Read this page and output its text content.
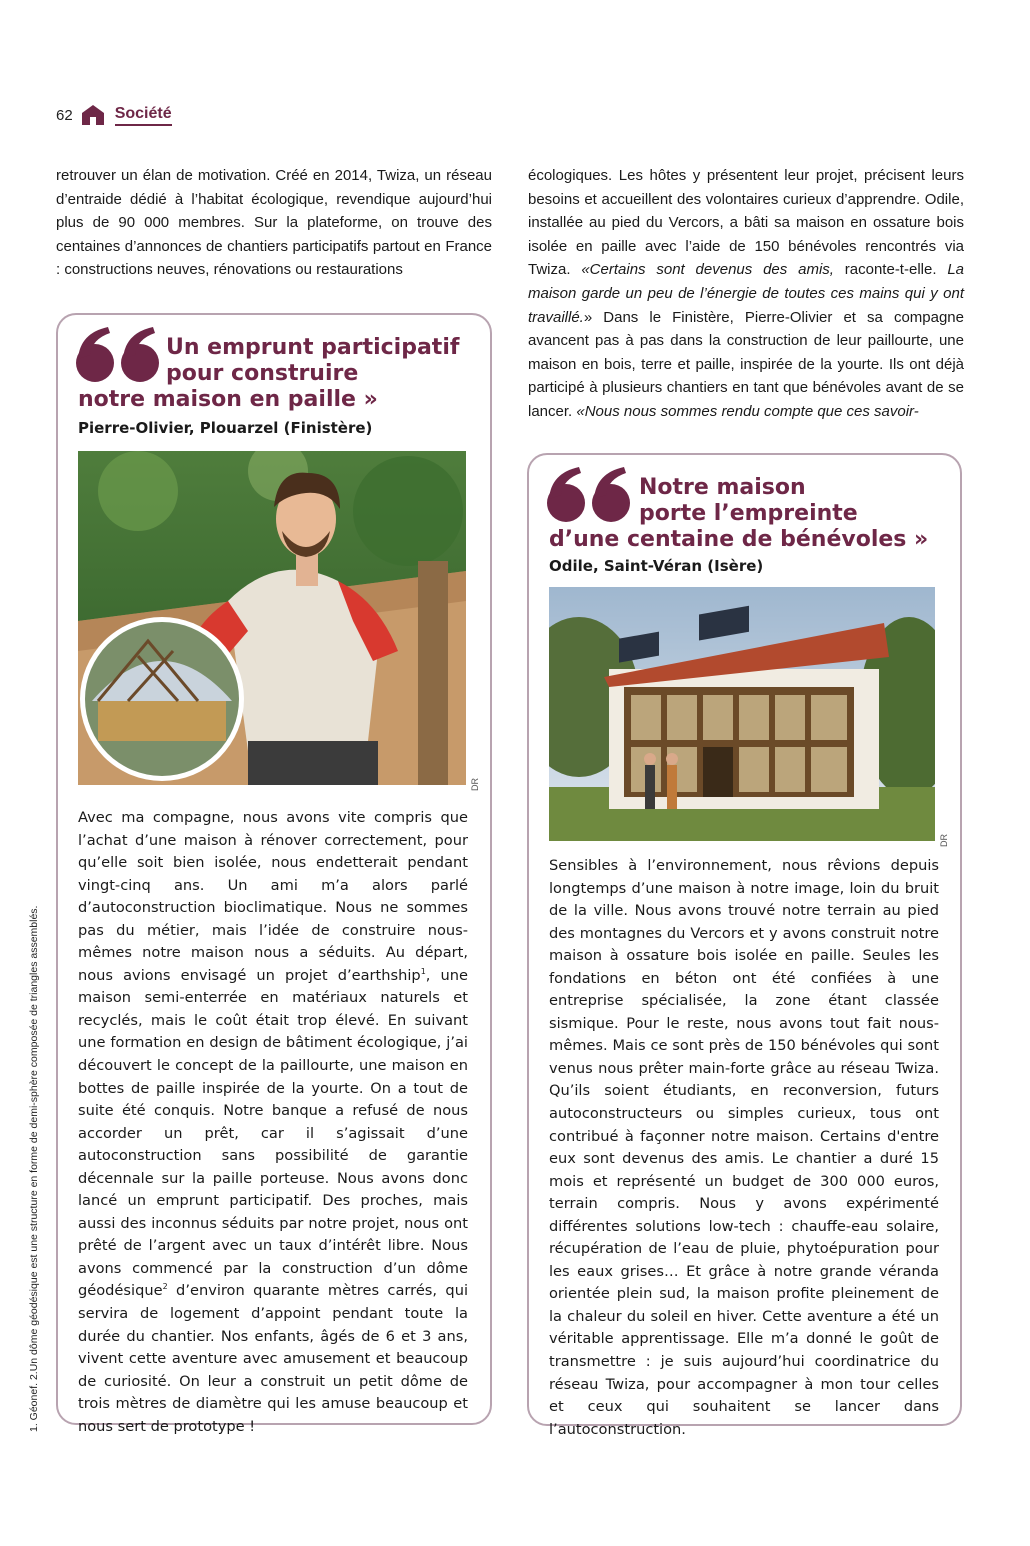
62	Société

retrouver un élan de motivation. Créé en 2014, Twiza, un réseau d’entraide dédié à l’habitat écologique, revendique aujourd’hui plus de 90 000 membres. Sur la plateforme, on trouve des centaines d’annonces de chantiers participatifs partout en France : constructions neuves, rénovations ou restaurations

écologiques. Les hôtes y présentent leur projet, précisent leurs besoins et accueillent des volontaires curieux d’apprendre. Odile, installée au pied du Vercors, a bâti sa maison en ossature bois isolée en paille avec l’aide de 150 bénévoles rencontrés via Twiza. «Certains sont devenus des amis, raconte-t-elle. La maison garde un peu de l’énergie de toutes ces mains qui y ont travaillé.» Dans le Finistère, Pierre-Olivier et sa compagne avancent pas à pas dans la construction de leur paillourte, une maison en bois, terre et paille, inspirée de la yourte. Ils ont déjà participé à plusieurs chantiers en tant que bénévoles avant de se lancer. «Nous nous sommes rendu compte que ces savoir-

Un emprunt participatif

pour construire

notre maison en paille »

Pierre-Olivier, Plouarzel (Finistère)

DR

Avec ma compagne, nous avons vite compris que l’achat d’une maison à rénover correctement, pour qu’elle soit bien isolée, nous endetterait pendant vingt-cinq ans. Un ami m’a alors parlé d’autoconstruction bioclimatique. Nous ne sommes pas du métier, mais l’idée de construire nous-mêmes notre maison nous a séduits. Au départ, nous avions envisagé un projet d’earthship$^1$, une maison semi-enterrée en matériaux naturels et recyclés, mais le coût était trop élevé. En suivant une formation en design de bâtiment écologique, j’ai découvert le concept de la paillourte, une maison en bottes de paille inspirée de la yourte. On a tout de suite été conquis. Notre banque a refusé de nous accorder un prêt, car il s’agissait d’une autoconstruction sans possibilité de garantie décennale sur la paille porteuse. Nous avons donc lancé un emprunt participatif. Des proches, mais aussi des inconnus séduits par notre projet, nous ont prêté de l’argent avec un taux d’intérêt libre. Nous avons commencé par la construction d’un dôme géodésique$^2$ d’environ quarante mètres carrés, qui servira de logement d’appoint pendant toute la durée du chantier. Nos enfants, âgés de 6 et 3 ans, vivent cette aventure avec amusement et beaucoup de curiosité. On leur a construit un petit dôme de trois mètres de diamètre qui les amuse beaucoup et nous sert de prototype !

Notre maison

porte l’empreinte

d’une centaine de bénévoles »

Odile, Saint-Véran (Isère)

DR

Sensibles à l’environnement, nous rêvions depuis longtemps d’une maison à notre image, loin du bruit de la ville. Nous avons trouvé notre terrain au pied des montagnes du Vercors et y avons construit notre maison à ossature bois isolée en paille. Seules les fondations en béton ont été confiées à une entreprise spécialisée, la zone étant classée sismique. Pour le reste, nous avons tout fait nous-mêmes. Mais ce sont près de 150 bénévoles qui sont venus nous prêter main-forte grâce au réseau Twiza. Qu’ils soient étudiants, en reconversion, futurs autoconstructeurs ou simples curieux, tous ont contribué à façonner notre maison. Certains d'entre eux sont devenus des amis. Le chantier a duré 15 mois et représenté un budget de 300 000 euros, terrain compris. Nous y avons expérimenté différentes solutions low-tech : chauffe-eau solaire, récupération de l’eau de pluie, phytoépuration pour les eaux grises… Et grâce à notre grande véranda orientée plein sud, la maison profite pleinement de la chaleur du soleil en hiver. Cette aventure a été un véritable apprentissage. Elle m’a donné le goût de transmettre : je suis aujourd’hui coordinatrice du réseau Twiza, pour accompagner à mon tour celles et ceux qui souhaitent se lancer dans l’autoconstruction.

1. Géonef. 2.Un dôme géodésique est une structure en forme de demi-sphère composée de triangles assemblés.
